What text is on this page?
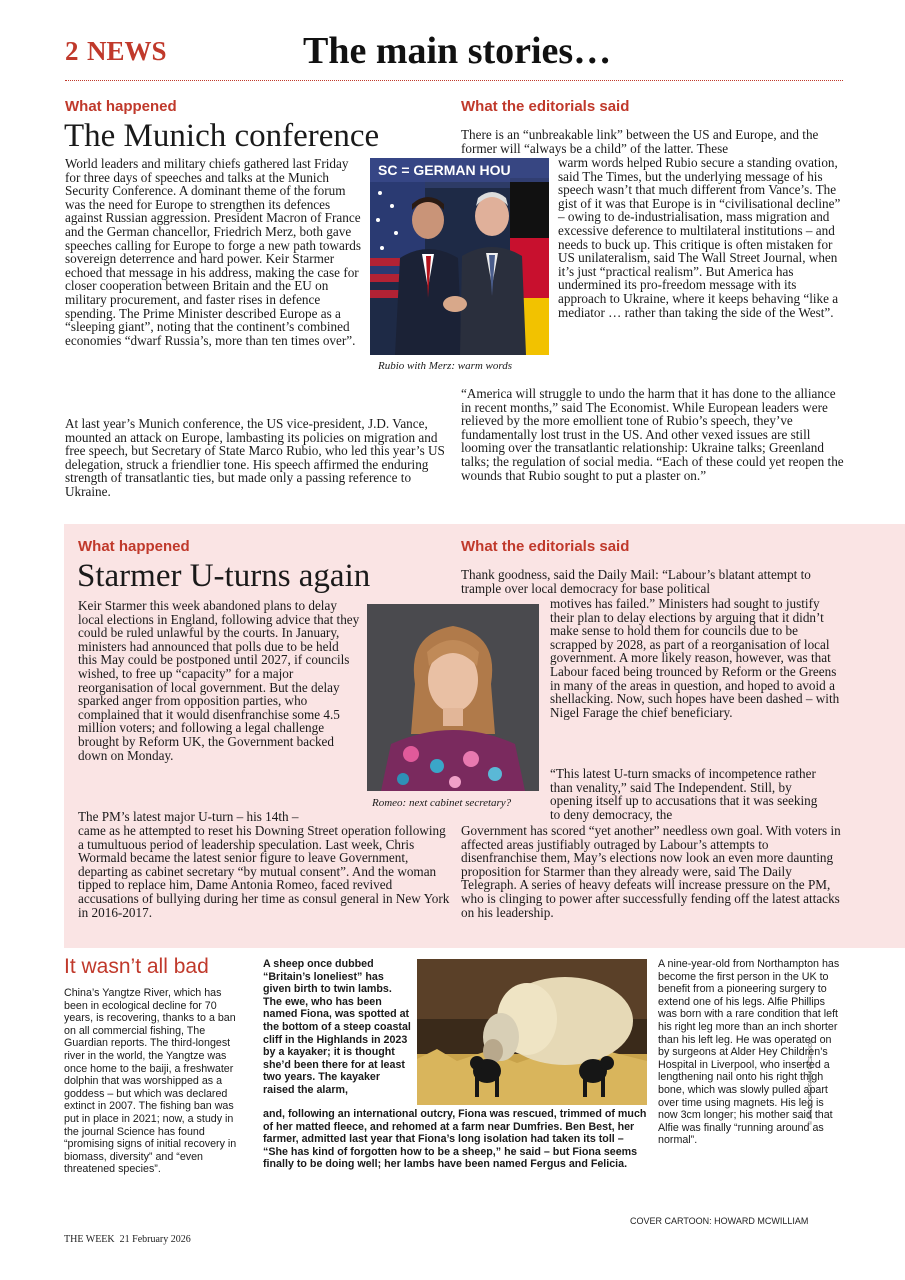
2 NEWS	The main stories…
What happened
The Munich conference

World leaders and military chiefs gathered last Friday for three days of speeches and talks at the Munich Security Conference. A dominant theme of the forum was the need for Europe to strengthen its defences against Russian aggression. President Macron of France and the German chancellor, Friedrich Merz, both gave speeches calling for Europe to forge a new path towards sovereign deterrence and hard power. Keir Starmer echoed that message in his address, making the case for closer cooperation between Britain and the EU on military procurement, and faster rises in defence spending. The Prime Minister described Europe as a “sleeping giant”, noting that the continent’s combined economies “dwarf Russia’s, more than ten times over”.

At last year’s Munich conference, the US vice-president, J.D. Vance, mounted an attack on Europe, lambasting its policies on migration and free speech, but Secretary of State Marco Rubio, who led this year’s US delegation, struck a friendlier tone. His speech affirmed the enduring strength of transatlantic ties, but made only a passing reference to Ukraine.

SC = GERMAN HOU
Rubio with Merz: warm words
What the editorials said

There is an “unbreakable link” between the US and Europe, and the former will “always be a child” of the latter. These

warm words helped Rubio secure a standing ovation, said The Times, but the underlying message of his speech wasn’t that much different from Vance’s. The gist of it was that Europe is in “civilisational decline” – owing to de-industrialisation, mass migration and excessive deference to multilateral institutions – and needs to buck up. This critique is often mistaken for US unilateralism, said The Wall Street Journal, when it’s just “practical realism”. But America has undermined its pro-freedom message with its approach to Ukraine, where it keeps behaving “like a mediator … rather than taking the side of the West”.

“America will struggle to undo the harm that it has done to the alliance in recent months,” said The Economist. While European leaders were relieved by the more emollient tone of Rubio’s speech, they’ve fundamentally lost trust in the US. And other vexed issues are still looming over the transatlantic relationship: Ukraine talks; Greenland talks; the regulation of social media. “Each of these could yet reopen the wounds that Rubio sought to put a plaster on.”

What happened
Starmer U-turns again

Keir Starmer this week abandoned plans to delay local elections in England, following advice that they could be ruled unlawful by the courts. In January, ministers had announced that polls due to be held this May could be postponed until 2027, if councils wished, to free up “capacity” for a major reorganisation of local government. But the delay sparked anger from opposition parties, who complained that it would disenfranchise some 4.5 million voters; and following a legal challenge brought by Reform UK, the Government backed down on Monday.

The PM’s latest major U-turn – his 14th –

came as he attempted to reset his Downing Street operation following a tumultuous period of leadership speculation. Last week, Chris Wormald became the latest senior figure to leave Government, departing as cabinet secretary “by mutual consent”. And the woman tipped to replace him, Dame Antonia Romeo, faced revived accusations of bullying during her time as consul general in New York in 2016-2017.

Romeo: next cabinet secretary?
What the editorials said

Thank goodness, said the Daily Mail: “Labour’s blatant attempt to trample over local democracy for base political

motives has failed.” Ministers had sought to justify their plan to delay elections by arguing that it didn’t make sense to hold them for councils due to be scrapped by 2028, as part of a reorganisation of local government. A more likely reason, however, was that Labour faced being trounced by Reform or the Greens in many of the areas in question, and hoped to avoid a shellacking. Now, such hopes have been dashed – with Nigel Farage the chief beneficiary.

“This latest U-turn smacks of incompetence rather than venality,” said The Independent. Still, by opening itself up to accusations that it was seeking to deny democracy, the

Government has scored “yet another” needless own goal. With voters in affected areas justifiably outraged by Labour’s attempts to disenfranchise them, May’s elections now look an even more daunting proposition for Starmer than they already were, said The Daily Telegraph. A series of heavy defeats will increase pressure on the PM, who is clinging to power after successfully fending off the latest attacks on his leadership.

It wasn’t all bad

China’s Yangtze River, which has been in ecological decline for 70 years, is recovering, thanks to a ban on all commercial fishing, The Guardian reports. The third-longest river in the world, the Yangtze was once home to the baiji, a freshwater dolphin that was worshipped as a goddess – but which was declared extinct in 2007. The fishing ban was put in place in 2021; now, a study in the journal Science has found “promising signs of initial recovery in biomass, diversity” and “even threatened species”.

A sheep once dubbed “Britain’s loneliest” has given birth to twin lambs. The ewe, who has been named Fiona, was spotted at the bottom of a steep coastal cliff in the Highlands in 2023 by a kayaker; it is thought she’d been there for at least two years. The kayaker raised the alarm,

and, following an international outcry, Fiona was rescued, trimmed of much of her matted fleece, and rehomed at a farm near Dumfries. Ben Best, her farmer, admitted last year that Fiona’s long isolation had taken its toll – “She has kind of forgotten how to be a sheep,” he said – but Fiona seems finally to be doing well; her lambs have been named Fergus and Felicia.

A nine-year-old from Northampton has become the first person in the UK to benefit from a pioneering surgery to extend one of his legs. Alfie Phillips was born with a rare condition that left his right leg more than an inch shorter than his left leg. He was operated on by surgeons at Alder Hey Children’s Hospital in Liverpool, who inserted a lengthening nail onto his right thigh bone, which was slowly pulled apart over time using magnets. His leg is now 3cm longer; his mother said that Alfie was finally “running around as normal”.

© DAL SCONE/FARM FACEBOOK
COVER CARTOON: HOWARD MCWILLIAM
THE WEEK  21 February 2026
